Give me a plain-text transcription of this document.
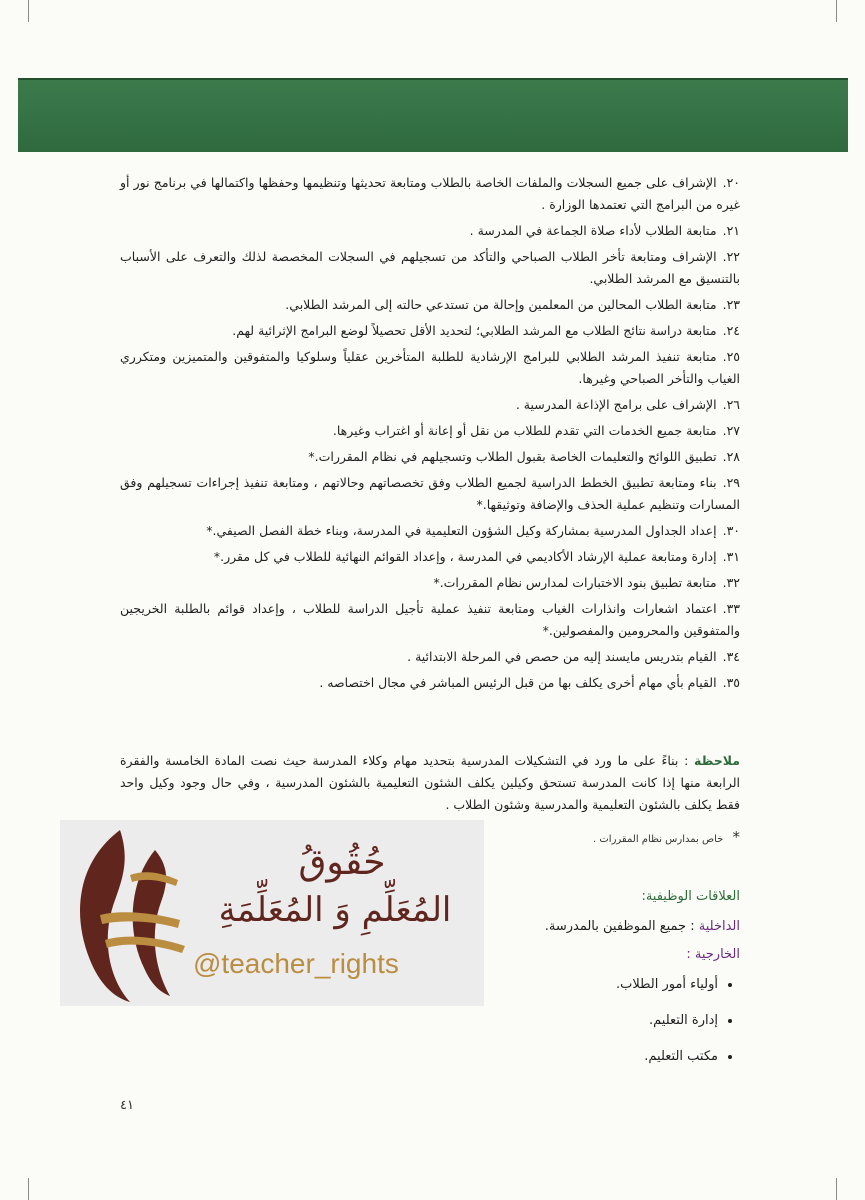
٢٠.الإشراف على جميع السجلات والملفات الخاصة بالطلاب ومتابعة تحديثها وتنظيمها وحفظها واكتمالها في برنامج نور أو غيره من البرامج التي تعتمدها الوزارة .
٢١.متابعة الطلاب لأداء صلاة الجماعة في المدرسة .
٢٢.الإشراف ومتابعة تأخر الطلاب الصباحي والتأكد من تسجيلهم في السجلات المخصصة لذلك والتعرف على الأسباب بالتنسيق مع المرشد الطلابي.
٢٣.متابعة الطلاب المحالين من المعلمين وإحالة من تستدعي حالته إلى المرشد الطلابي.
٢٤.متابعة دراسة نتائج الطلاب مع المرشد الطلابي؛ لتحديد الأقل تحصيلاً لوضع البرامج الإثرائية لهم.
٢٥.متابعة تنفيذ المرشد الطلابي للبرامج الإرشادية للطلبة المتأخرين عقلياً وسلوكيا والمتفوقين والمتميزين ومتكرري الغياب والتأخر الصباحي وغيرها.
٢٦.الإشراف على برامج الإذاعة المدرسية .
٢٧.متابعة جميع الخدمات التي تقدم للطلاب من نقل أو إعانة أو اغتراب وغيرها.
٢٨.تطبيق اللوائح والتعليمات الخاصة بقبول الطلاب وتسجيلهم في نظام المقررات.*
٢٩.بناء ومتابعة تطبيق الخطط الدراسية لجميع الطلاب وفق تخصصاتهم وحالاتهم ، ومتابعة تنفيذ إجراءات تسجيلهم وفق المسارات وتنظيم عملية الحذف والإضافة وتوثيقها.*
٣٠.إعداد الجداول المدرسية بمشاركة وكيل الشؤون التعليمية في المدرسة، وبناء خطة الفصل الصيفي.*
٣١.إدارة ومتابعة عملية الإرشاد الأكاديمي في المدرسة ، وإعداد القوائم النهائية للطلاب في كل مقرر.*
٣٢.متابعة تطبيق بنود الاختبارات لمدارس نظام المقررات.*
٣٣.اعتماد اشعارات وانذارات الغياب ومتابعة تنفيذ عملية تأجيل الدراسة للطلاب ، وإعداد قوائم بالطلبة الخريجين والمتفوقين والمحرومين والمفصولين.*
٣٤.القيام بتدريس مايسند إليه من حصص في المرحلة الابتدائية .
٣٥.القيام بأي مهام أخرى يكلف بها من قبل الرئيس المباشر في مجال اختصاصه .
ملاحظة : بناءً على ما ورد في التشكيلات المدرسية بتحديد مهام وكلاء المدرسة حيث نصت المادة الخامسة والفقرة الرابعة منها إذا كانت المدرسة تستحق وكيلين يكلف الشئون التعليمية بالشئون المدرسية ، وفي حال وجود وكيل واحد فقط يكلف بالشئون التعليمية والمدرسية وشئون الطلاب .
* خاص بمدارس نظام المقررات .
العلاقات الوظيفية:
الداخلية : جميع الموظفين بالمدرسة.
الخارجية :
• أولياء أمور الطلاب.
• إدارة التعليم.
• مكتب التعليم.
حُقُوقُ
المُعَلِّمِ وَ المُعَلِّمَةِ
@teacher_rights
٤١
